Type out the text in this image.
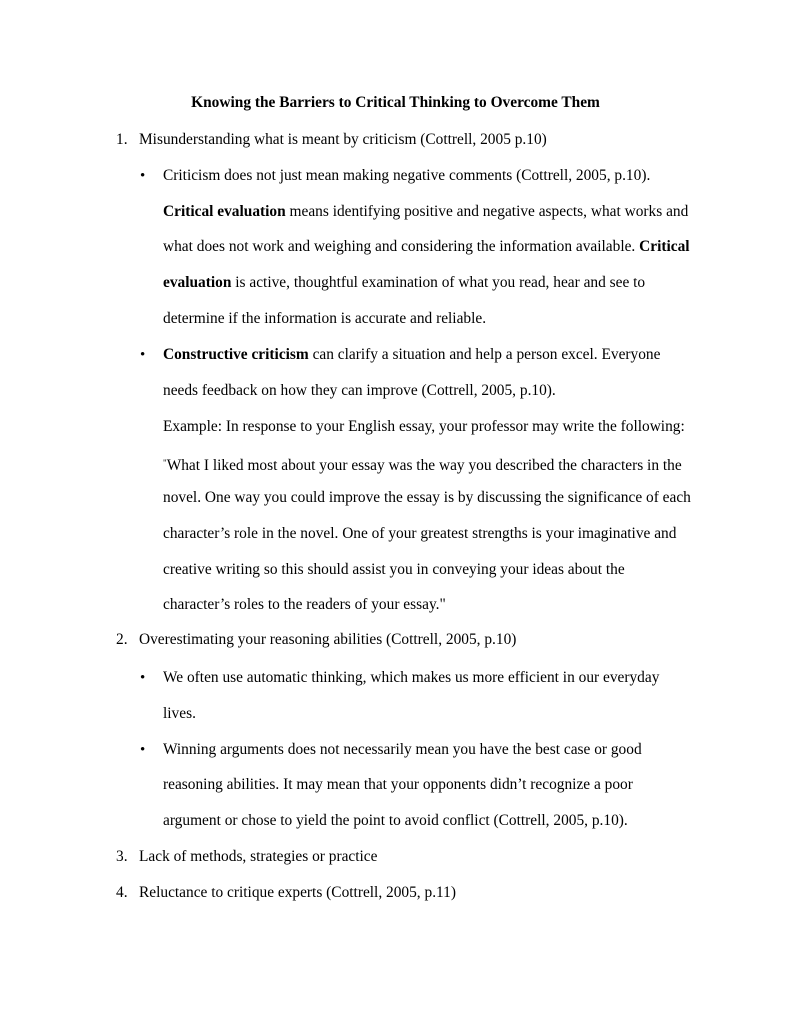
Knowing the Barriers to Critical Thinking to Overcome Them
1. Misunderstanding what is meant by criticism (Cottrell, 2005 p.10)
• Criticism does not just mean making negative comments (Cottrell, 2005, p.10).
Critical evaluation means identifying positive and negative aspects, what works and
what does not work and weighing and considering the information available. Critical
evaluation is active, thoughtful examination of what you read, hear and see to
determine if the information is accurate and reliable.
• Constructive criticism can clarify a situation and help a person excel. Everyone
needs feedback on how they can improve (Cottrell, 2005, p.10).
Example: In response to your English essay, your professor may write the following:
"What I liked most about your essay was the way you described the characters in the
novel. One way you could improve the essay is by discussing the significance of each
character’s role in the novel. One of your greatest strengths is your imaginative and
creative writing so this should assist you in conveying your ideas about the
character’s roles to the readers of your essay."
2. Overestimating your reasoning abilities (Cottrell, 2005, p.10)
• We often use automatic thinking, which makes us more efficient in our everyday
lives.
• Winning arguments does not necessarily mean you have the best case or good
reasoning abilities. It may mean that your opponents didn’t recognize a poor
argument or chose to yield the point to avoid conflict (Cottrell, 2005, p.10).
3. Lack of methods, strategies or practice
4. Reluctance to critique experts (Cottrell, 2005, p.11)
